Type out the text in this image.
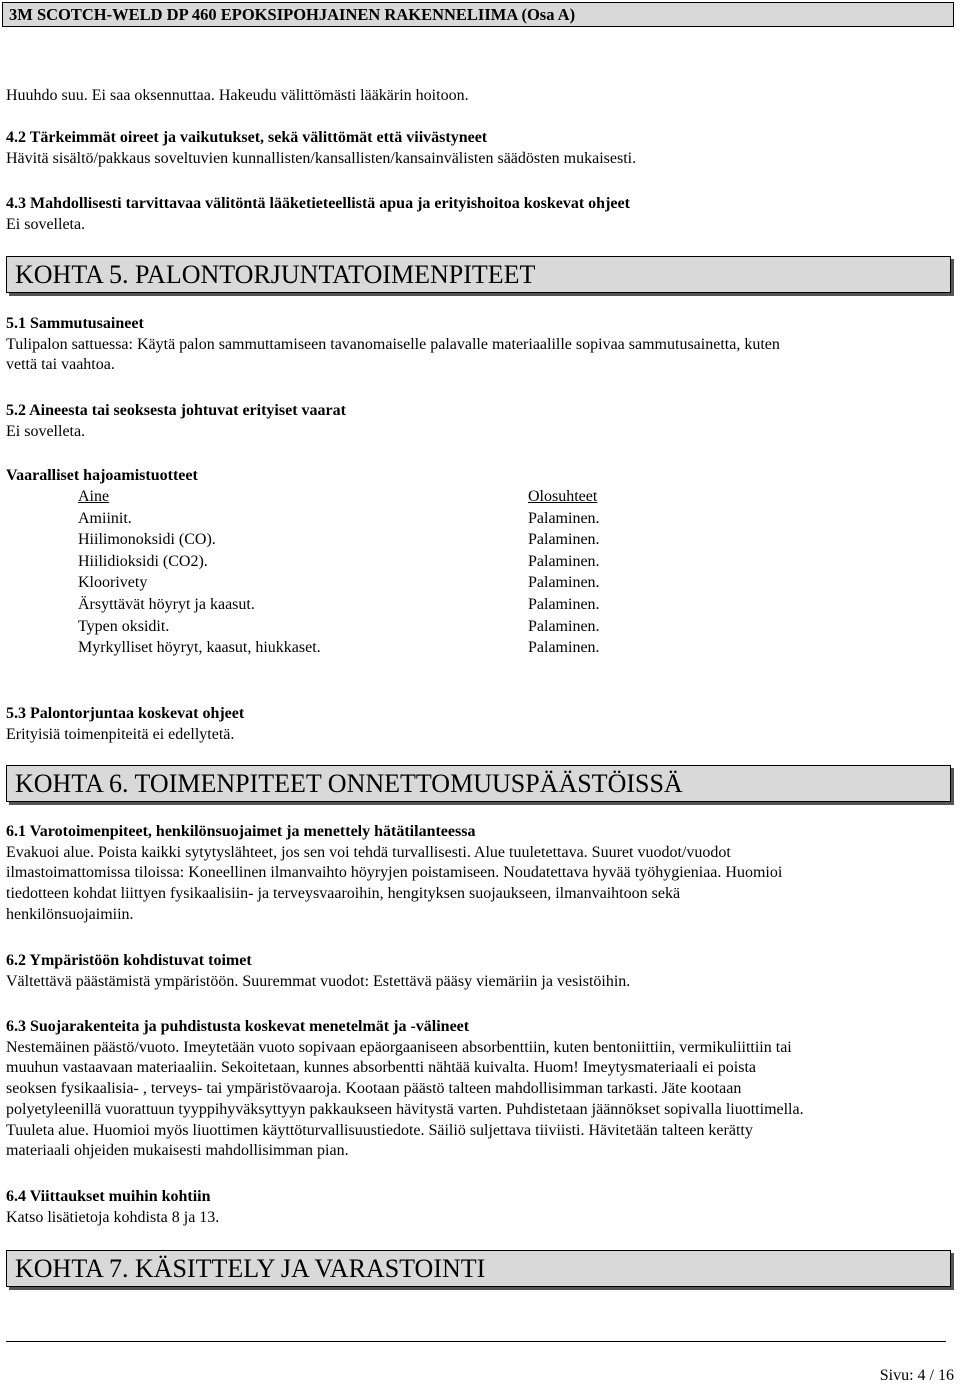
3M SCOTCH-WELD DP 460 EPOKSIPOHJAINEN RAKENNELIIMA (Osa A)

Huuhdo suu. Ei saa oksennuttaa. Hakeudu välittömästi lääkärin hoitoon.

4.2 Tärkeimmät oireet ja vaikutukset, sekä välittömät että viivästyneet

Hävitä sisältö/pakkaus soveltuvien kunnallisten/kansallisten/kansainvälisten säädösten mukaisesti.

4.3 Mahdollisesti tarvittavaa välitöntä lääketieteellistä apua ja erityishoitoa koskevat ohjeet

Ei sovelleta.

KOHTA 5. PALONTORJUNTATOIMENPITEET

5.1 Sammutusaineet

Tulipalon sattuessa: Käytä palon sammuttamiseen tavanomaiselle palavalle materiaalille sopivaa sammutusainetta, kuten

vettä tai vaahtoa.

5.2 Aineesta tai seoksesta johtuvat erityiset vaarat

Ei sovelleta.

Vaaralliset hajoamistuotteet

Aine	Olosuhteet
Amiinit.	Palaminen.
Hiilimonoksidi (CO).	Palaminen.
Hiilidioksidi (CO2).	Palaminen.
Kloorivety	Palaminen.
Ärsyttävät höyryt ja kaasut.	Palaminen.
Typen oksidit.	Palaminen.
Myrkylliset höyryt, kaasut, hiukkaset.	Palaminen.

5.3 Palontorjuntaa koskevat ohjeet

Erityisiä toimenpiteitä ei edellytetä.

KOHTA 6. TOIMENPITEET ONNETTOMUUSPÄÄSTÖISSÄ

6.1 Varotoimenpiteet, henkilönsuojaimet ja menettely hätätilanteessa

Evakuoi alue. Poista kaikki sytytyslähteet, jos sen voi tehdä turvallisesti. Alue tuuletettava. Suuret vuodot/vuodot

ilmastoimattomissa tiloissa: Koneellinen ilmanvaihto höyryjen poistamiseen. Noudatettava hyvää työhygieniaa. Huomioi

tiedotteen kohdat liittyen fysikaalisiin- ja terveysvaaroihin, hengityksen suojaukseen, ilmanvaihtoon sekä

henkilönsuojaimiin.

6.2 Ympäristöön kohdistuvat toimet

Vältettävä päästämistä ympäristöön. Suuremmat vuodot: Estettävä pääsy viemäriin ja vesistöihin.

6.3 Suojarakenteita ja puhdistusta koskevat menetelmät ja -välineet

Nestemäinen päästö/vuoto. Imeytetään vuoto sopivaan epäorgaaniseen absorbenttiin, kuten bentoniittiin, vermikuliittiin tai

muuhun vastaavaan materiaaliin. Sekoitetaan, kunnes absorbentti nähtää kuivalta. Huom! Imeytysmateriaali ei poista

seoksen fysikaalisia- , terveys- tai ympäristövaaroja. Kootaan päästö talteen mahdollisimman tarkasti. Jäte kootaan

polyetyleenillä vuorattuun tyyppihyväksyttyyn pakkaukseen hävitystä varten. Puhdistetaan jäännökset sopivalla liuottimella.

Tuuleta alue. Huomioi myös liuottimen käyttöturvallisuustiedote. Säiliö suljettava tiiviisti. Hävitetään talteen kerätty

materiaali ohjeiden mukaisesti mahdollisimman pian.

6.4 Viittaukset muihin kohtiin

Katso lisätietoja kohdista 8 ja 13.

KOHTA 7. KÄSITTELY JA VARASTOINTI
Sivu: 4 / 16
